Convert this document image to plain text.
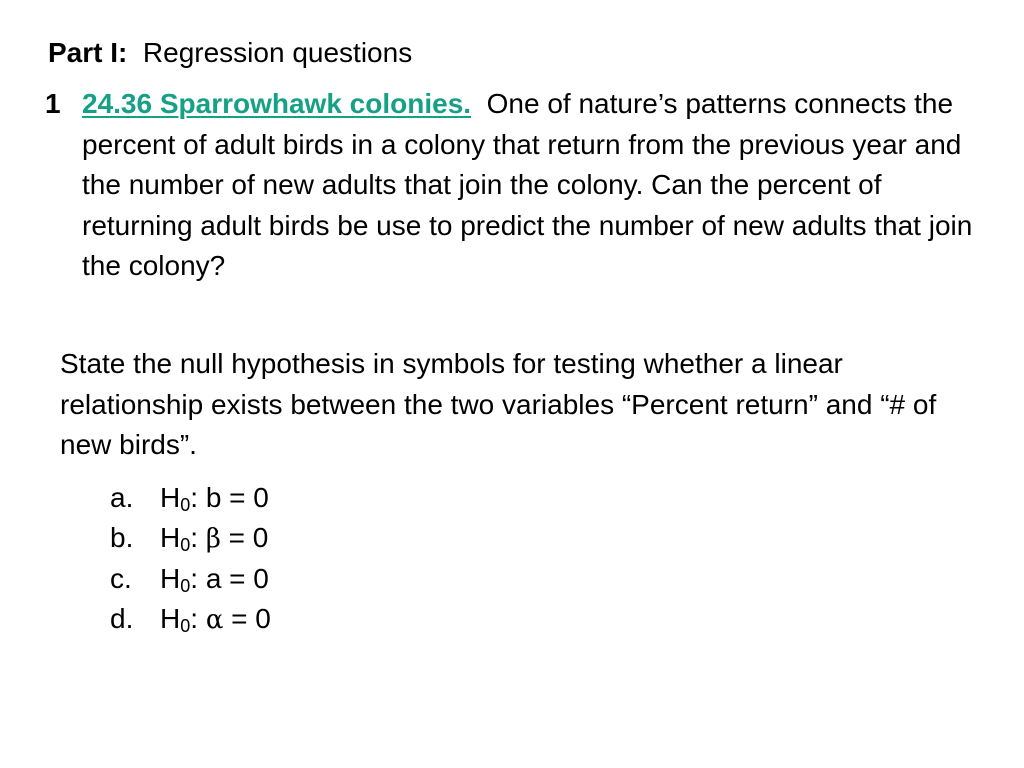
Part I: Regression questions
1 24.36 Sparrowhawk colonies. One of nature’s patterns connects the percent of adult birds in a colony that return from the previous year and the number of new adults that join the colony. Can the percent of returning adult birds be use to predict the number of new adults that join the colony?
State the null hypothesis in symbols for testing whether a linear relationship exists between the two variables “Percent return” and “# of new birds”.
a. $H_0$: b = 0
b. $H_0$: β = 0
c. $H_0$: a = 0
d. $H_0$: α = 0
